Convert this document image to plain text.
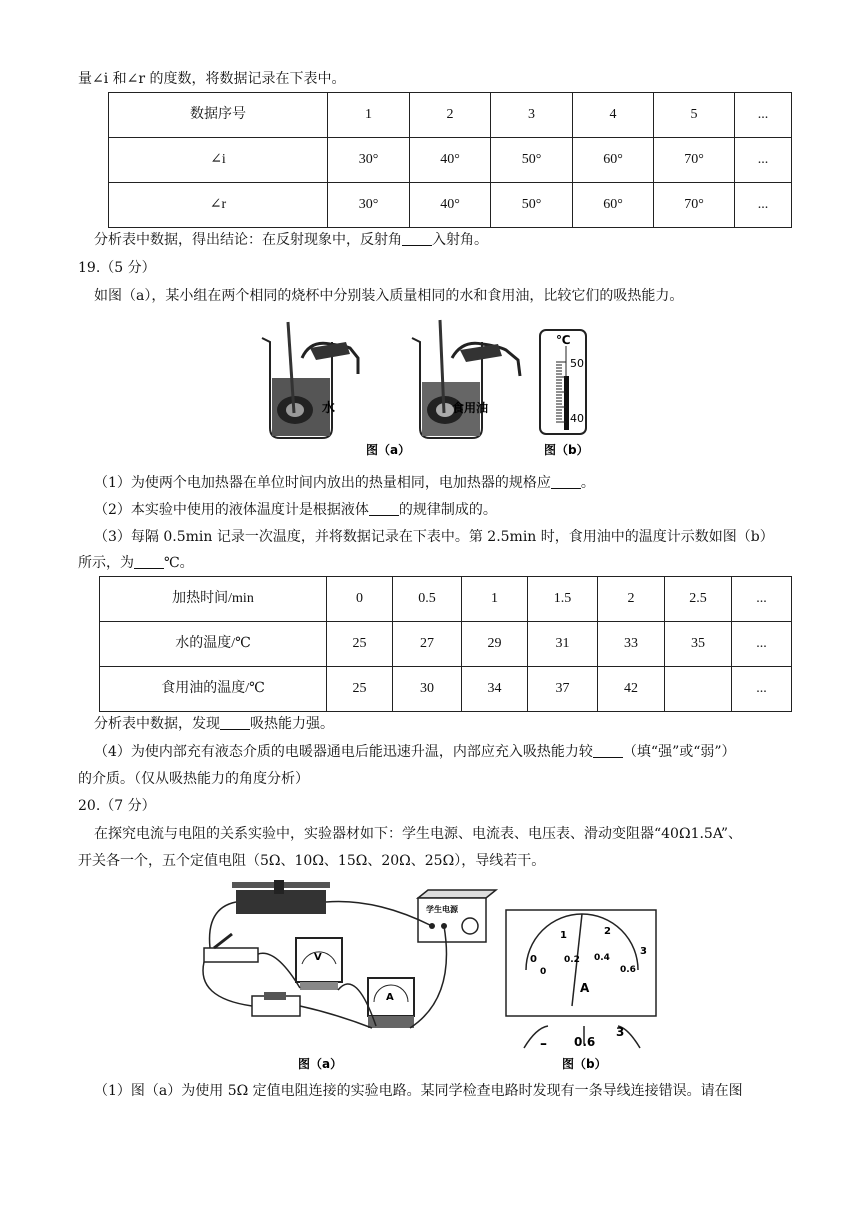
量∠i 和∠r 的度数，将数据记录在下表中。
数据序号	1	2	3	4	5	...
∠i	30°	40°	50°	60°	70°	...
∠r	30°	40°	50°	60°	70°	...
分析表中数据，得出结论：在反射现象中，反射角 入射角。
19.（5 分）
如图（a），某小组在两个相同的烧杯中分别装入质量相同的水和食用油，比较它们的吸热能力。
水	食用油
℃
50
40
图（a）	图（b）
（1）为使两个电加热器在单位时间内放出的热量相同，电加热器的规格应 。
（2）本实验中使用的液体温度计是根据液体 的规律制成的。
（3）每隔 0.5min 记录一次温度，并将数据记录在下表中。第 2.5min 时，食用油中的温度计示数如图（b）
所示，为 ℃。
加热时间/min	0	0.5	1	1.5	2	2.5	...
水的温度/℃	25	27	29	31	33	35	...
食用油的温度/℃	25	30	34	37	42		...
分析表中数据，发现 吸热能力强。
（4）为使内部充有液态介质的电暖器通电后能迅速升温，内部应充入吸热能力较 （填“强”或“弱”）
的介质。（仅从吸热能力的角度分析）
20.（7 分）
在探究电流与电阻的关系实验中，实验器材如下：学生电源、电流表、电压表、滑动变阻器“40Ω1.5A”、
开关各一个，五个定值电阻（5Ω、10Ω、15Ω、20Ω、25Ω），导线若干。
学生电源
V
A
0
1	2
3
0
0.2 0.4
0.6
A
– 0.6
3
图（a）	图（b）
（1）图（a）为使用 5Ω 定值电阻连接的实验电路。某同学检查电路时发现有一条导线连接错误。请在图
